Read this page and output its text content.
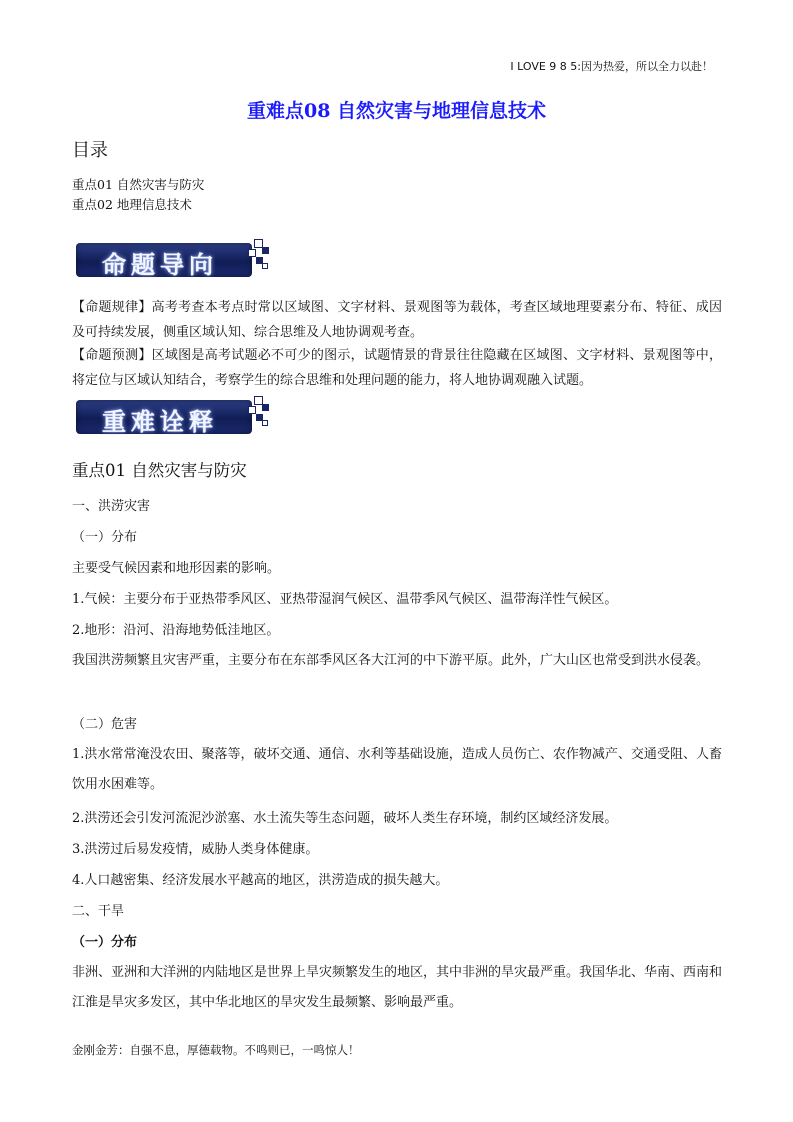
I LOVE 9 8 5:因为热爱，所以全力以赴！
重难点08 自然灾害与地理信息技术
目录
重点01 自然灾害与防灾
重点02 地理信息技术
命题导向
【命题规律】高考考查本考点时常以区域图、文字材料、景观图等为载体，考查区域地理要素分布、特征、成因及可持续发展，侧重区域认知、综合思维及人地协调观考查。
【命题预测】区域图是高考试题必不可少的图示，试题情景的背景往往隐藏在区域图、文字材料、景观图等中，将定位与区域认知结合，考察学生的综合思维和处理问题的能力，将人地协调观融入试题。
重难诠释
重点01 自然灾害与防灾
一、洪涝灾害
（一）分布
主要受气候因素和地形因素的影响。
1.气候：主要分布于亚热带季风区、亚热带湿润气候区、温带季风气候区、温带海洋性气候区。
2.地形：沿河、沿海地势低洼地区。
我国洪涝频繁且灾害严重，主要分布在东部季风区各大江河的中下游平原。此外，广大山区也常受到洪水侵袭。
（二）危害
1.洪水常常淹没农田、聚落等，破坏交通、通信、水利等基础设施，造成人员伤亡、农作物减产、交通受阻、人畜饮用水困难等。
2.洪涝还会引发河流泥沙淤塞、水土流失等生态问题，破坏人类生存环境，制约区域经济发展。
3.洪涝过后易发疫情，威胁人类身体健康。
4.人口越密集、经济发展水平越高的地区，洪涝造成的损失越大。
二、干旱
（一）分布
非洲、亚洲和大洋洲的内陆地区是世界上旱灾频繁发生的地区，其中非洲的旱灾最严重。我国华北、华南、西南和江淮是旱灾多发区，其中华北地区的旱灾发生最频繁、影响最严重。
金刚金芳：自强不息，厚德载物。不鸣则已，一鸣惊人！
